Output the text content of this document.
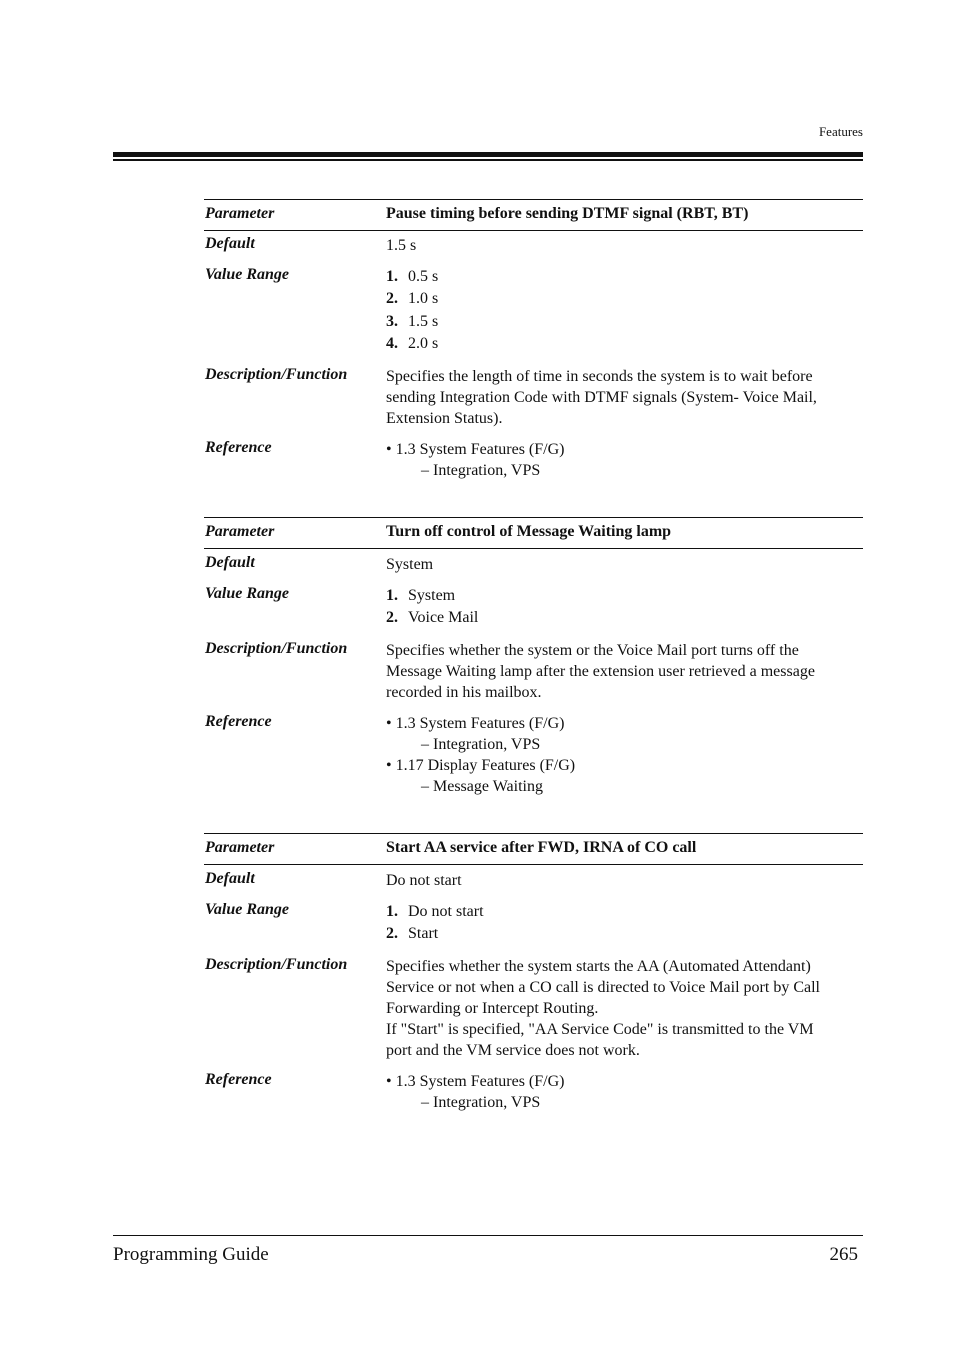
Features
Parameter	Pause timing before sending DTMF signal (RBT, BT)
Default	1.5 s
Value Range	1. 0.5 s
2. 1.0 s
3. 1.5 s
4. 2.0 s
Description/Function Specifies the length of time in seconds the system is to wait before
sending Integration Code with DTMF signals (System- Voice Mail,
Extension Status).
Reference	• 1.3 System Features (F/G)
– Integration, VPS
Parameter	Turn off control of Message Waiting lamp
Default	System
Value Range	1. System
2. Voice Mail
Description/Function Specifies whether the system or the Voice Mail port turns off the
Message Waiting lamp after the extension user retrieved a message
recorded in his mailbox.
Reference	• 1.3 System Features (F/G)
– Integration, VPS
• 1.17 Display Features (F/G)
– Message Waiting
Parameter	Start AA service after FWD, IRNA of CO call
Default	Do not start
Value Range	1. Do not start
2. Start
Description/Function Specifies whether the system starts the AA (Automated Attendant)
Service or not when a CO call is directed to Voice Mail port by Call
Forwarding or Intercept Routing.
If "Start" is specified, "AA Service Code" is transmitted to the VM
port and the VM service does not work.
Reference	• 1.3 System Features (F/G)
– Integration, VPS
Programming Guide	265
